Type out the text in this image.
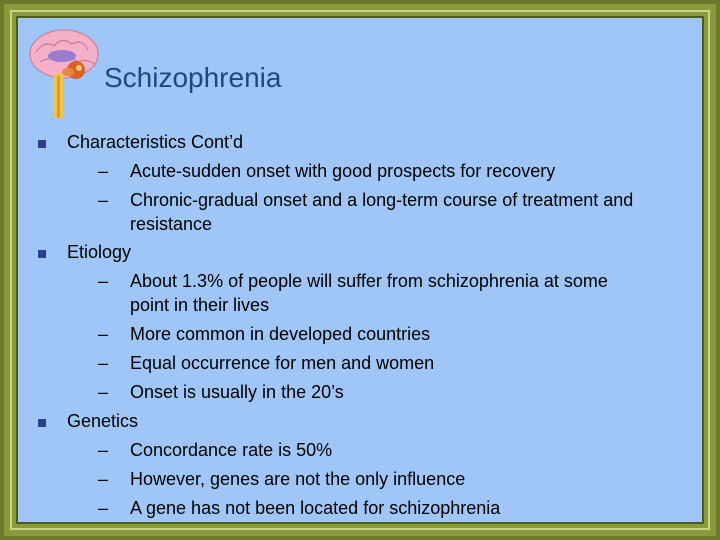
Schizophrenia
Characteristics Cont’d
– Acute-sudden onset with good prospects for recovery
– Chronic-gradual onset and a long-term course of treatment and
resistance
Etiology
– About 1.3% of people will suffer from schizophrenia at some
point in their lives
– More common in developed countries
– Equal occurrence for men and women
– Onset is usually in the 20’s
Genetics
– Concordance rate is 50%
– However, genes are not the only influence
– A gene has not been located for schizophrenia
